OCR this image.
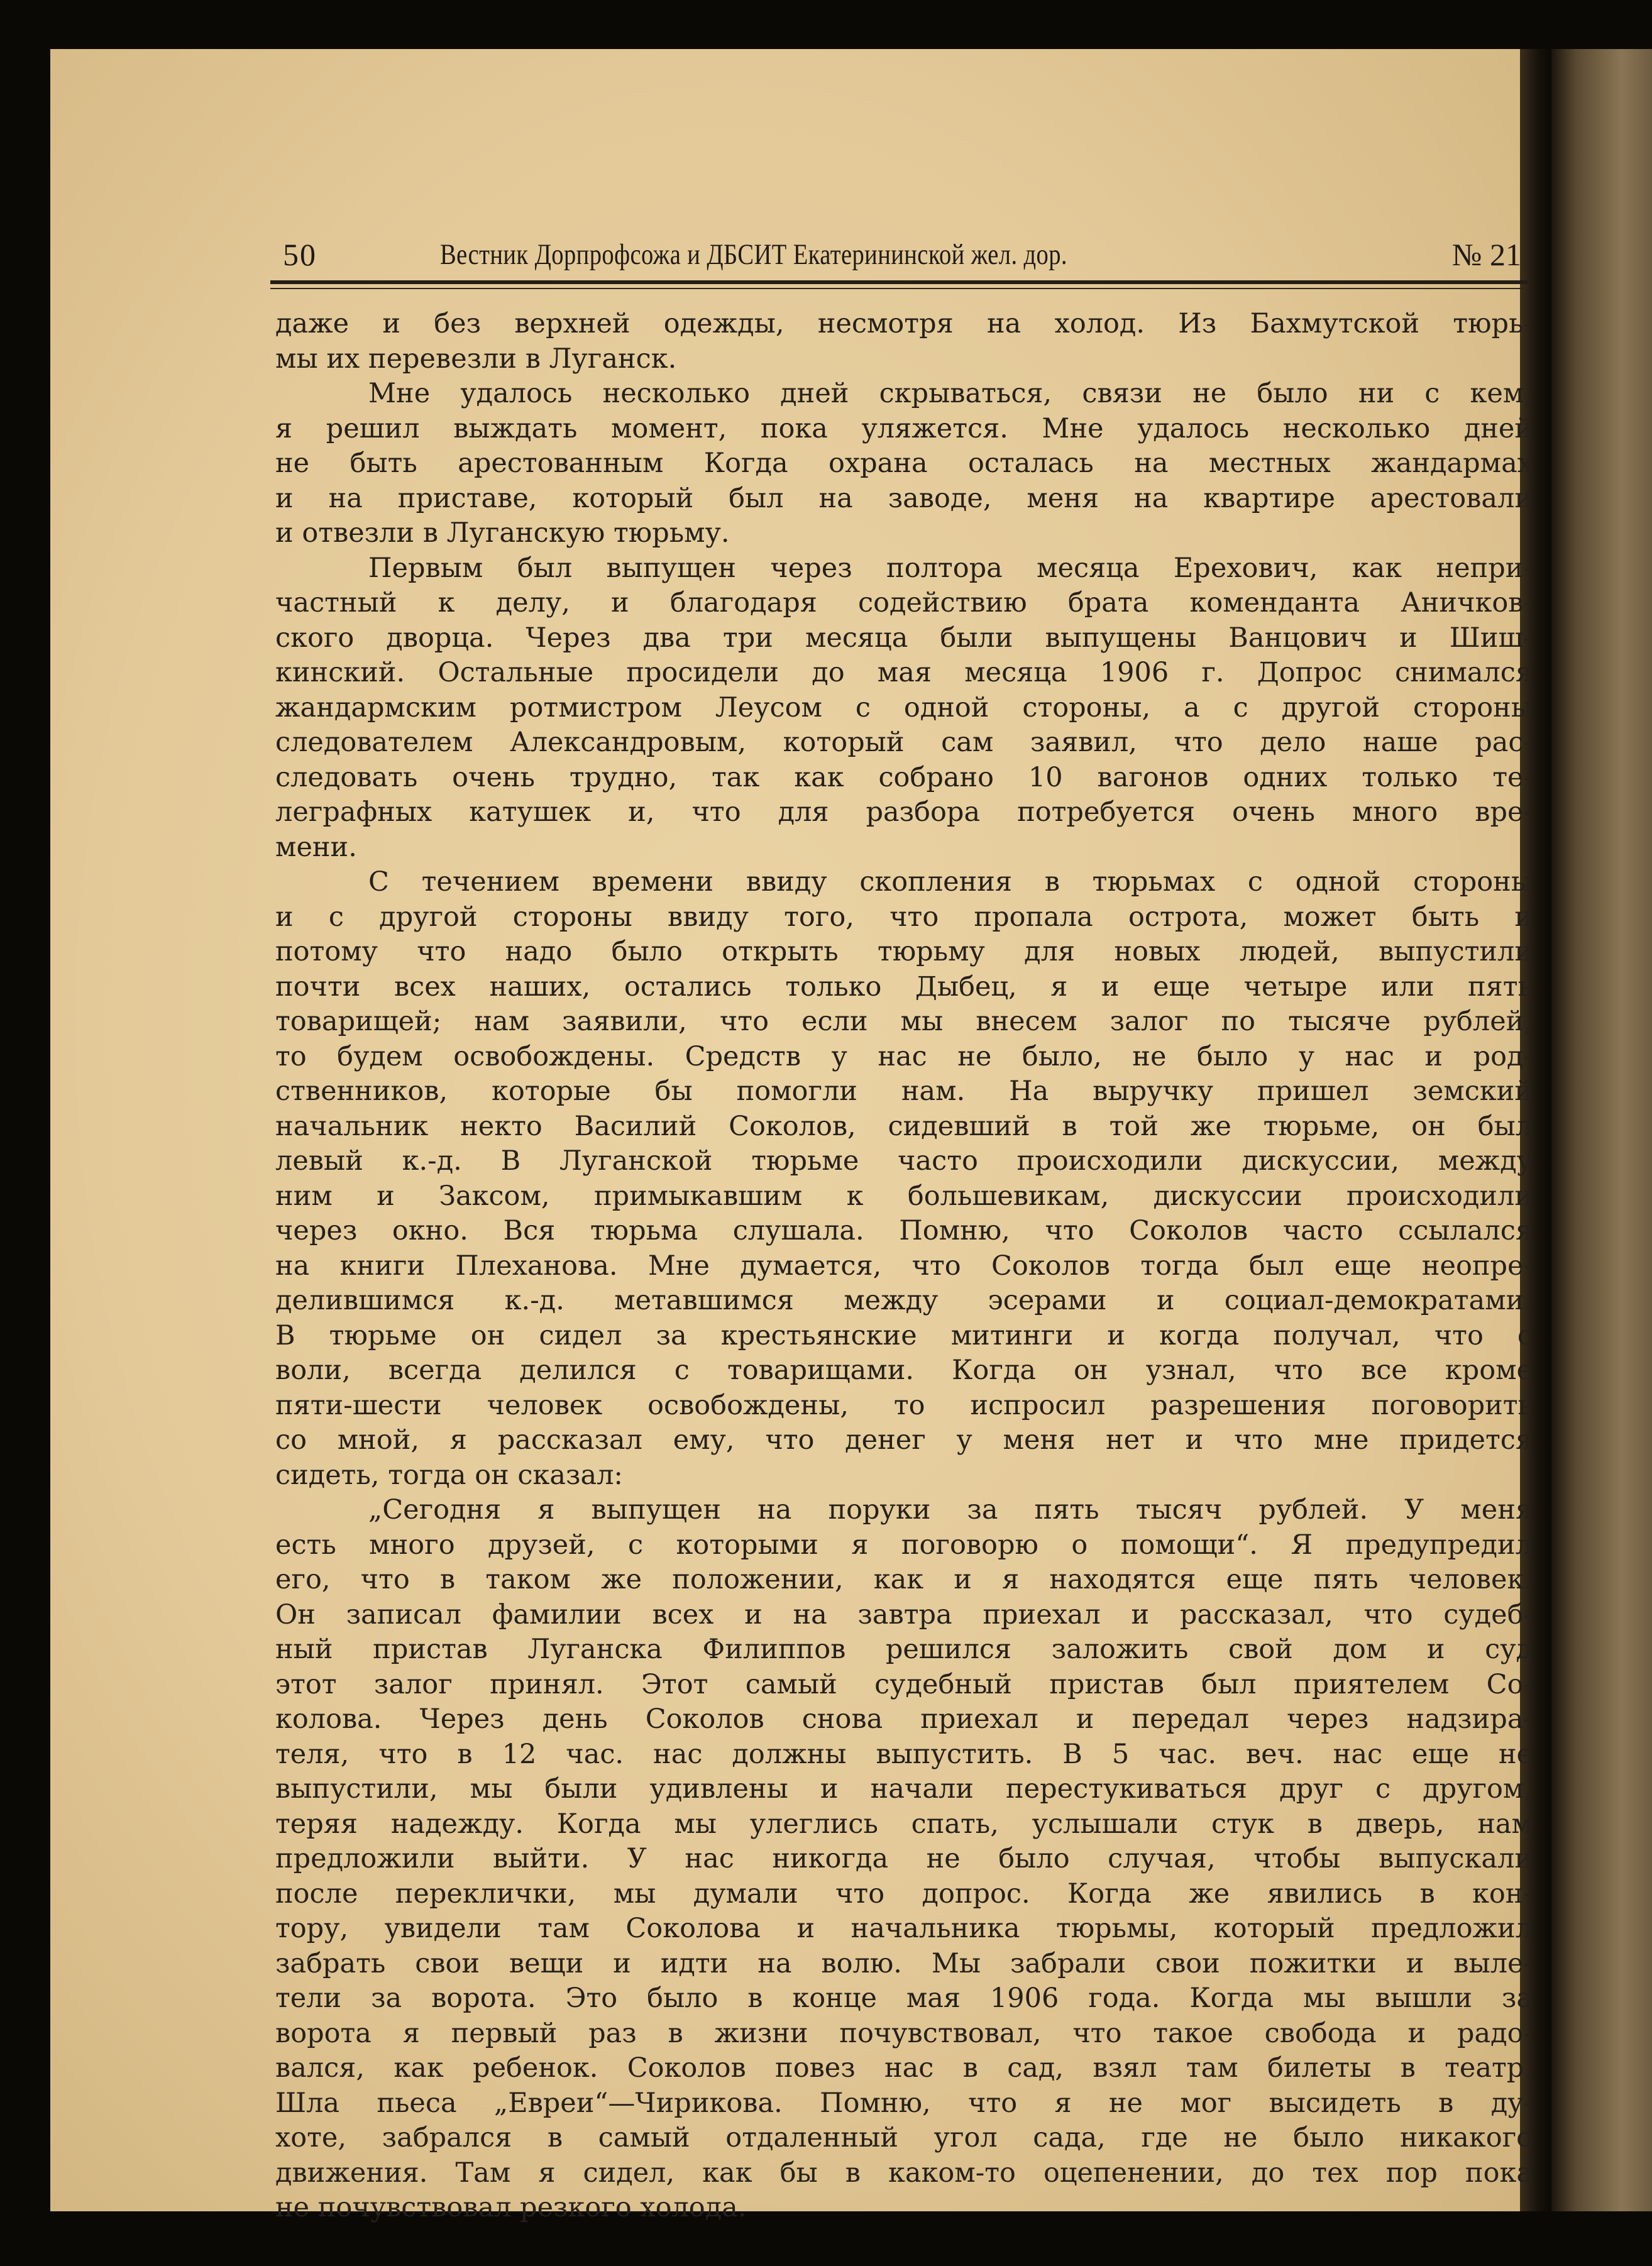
50	Вестник Дорпрофсожа и ДБСИТ Екатерининской жел. дор.	№ 21
даже и без верхней одежды, несмотря на холод. Из Бахмутской тюрь-
мы их перевезли в Луганск.
Мне удалось несколько дней скрываться, связи не было ни с кем,
я решил выждать момент, пока уляжется. Мне удалось несколько дней
не быть арестованным Когда охрана осталась на местных жандармах
и на приставе, который был на заводе, меня на квартире арестовали
и отвезли в Луганскую тюрьму.
Первым был выпущен через полтора месяца Ерехович, как непри-
частный к делу, и благодаря содействию брата коменданта Аничков-
ского дворца. Через два три месяца были выпущены Ванцович и Шиш-
кинский. Остальные просидели до мая месяца 1906 г. Допрос снимался
жандармским ротмистром Леусом с одной стороны, а с другой стороны
следователем Александровым, который сам заявил, что дело наше рас-
следовать очень трудно, так как собрано 10 вагонов одних только те-
леграфных катушек и, что для разбора потребуется очень много вре-
мени.
С течением времени ввиду скопления в тюрьмах с одной стороны
и с другой стороны ввиду того, что пропала острота, может быть и
потому что надо было открыть тюрьму для новых людей, выпустили
почти всех наших, остались только Дыбец, я и еще четыре или пять
товарищей; нам заявили, что если мы внесем залог по тысяче рублей,
то будем освобождены. Средств у нас не было, не было у нас и род-
ственников, которые бы помогли нам. На выручку пришел земский
начальник некто Василий Соколов, сидевший в той же тюрьме, он был
левый к.-д. В Луганской тюрьме часто происходили дискуссии, между
ним и Заксом, примыкавшим к большевикам, дискуссии происходили
через окно. Вся тюрьма слушала. Помню, что Соколов часто ссылался
на книги Плеханова. Мне думается, что Соколов тогда был еще неопре-
делившимся к.-д. метавшимся между эсерами и социал-демократами.
В тюрьме он сидел за крестьянские митинги и когда получал, что с
воли, всегда делился с товарищами. Когда он узнал, что все кроме
пяти-шести человек освобождены, то испросил разрешения поговорить
со мной, я рассказал ему, что денег у меня нет и что мне придется
сидеть, тогда он сказал:
„Сегодня я выпущен на поруки за пять тысяч рублей. У меня
есть много друзей, с которыми я поговорю о помощи“. Я предупредил
его, что в таком же положении, как и я находятся еще пять человек.
Он записал фамилии всех и на завтра приехал и рассказал, что судеб-
ный пристав Луганска Филиппов решился заложить свой дом и суд
этот залог принял. Этот самый судебный пристав был приятелем Со-
колова. Через день Соколов снова приехал и передал через надзира-
теля, что в 12 час. нас должны выпустить. В 5 час. веч. нас еще не
выпустили, мы были удивлены и начали перестукиваться друг с другом,
теряя надежду. Когда мы улеглись спать, услышали стук в дверь, нам
предложили выйти. У нас никогда не было случая, чтобы выпускали
после переклички, мы думали что допрос. Когда же явились в кон-
тору, увидели там Соколова и начальника тюрьмы, который предложил
забрать свои вещи и идти на волю. Мы забрали свои пожитки и выле-
тели за ворота. Это было в конце мая 1906 года. Когда мы вышли за
ворота я первый раз в жизни почувствовал, что такое свобода и радо-
вался, как ребенок. Соколов повез нас в сад, взял там билеты в театр.
Шла пьеса „Евреи“—Чирикова. Помню, что я не мог высидеть в ду-
хоте, забрался в самый отдаленный угол сада, где не было никакого
движения. Там я сидел, как бы в каком-то оцепенении, до тех пор пока
не почувствовал резкого холода.
